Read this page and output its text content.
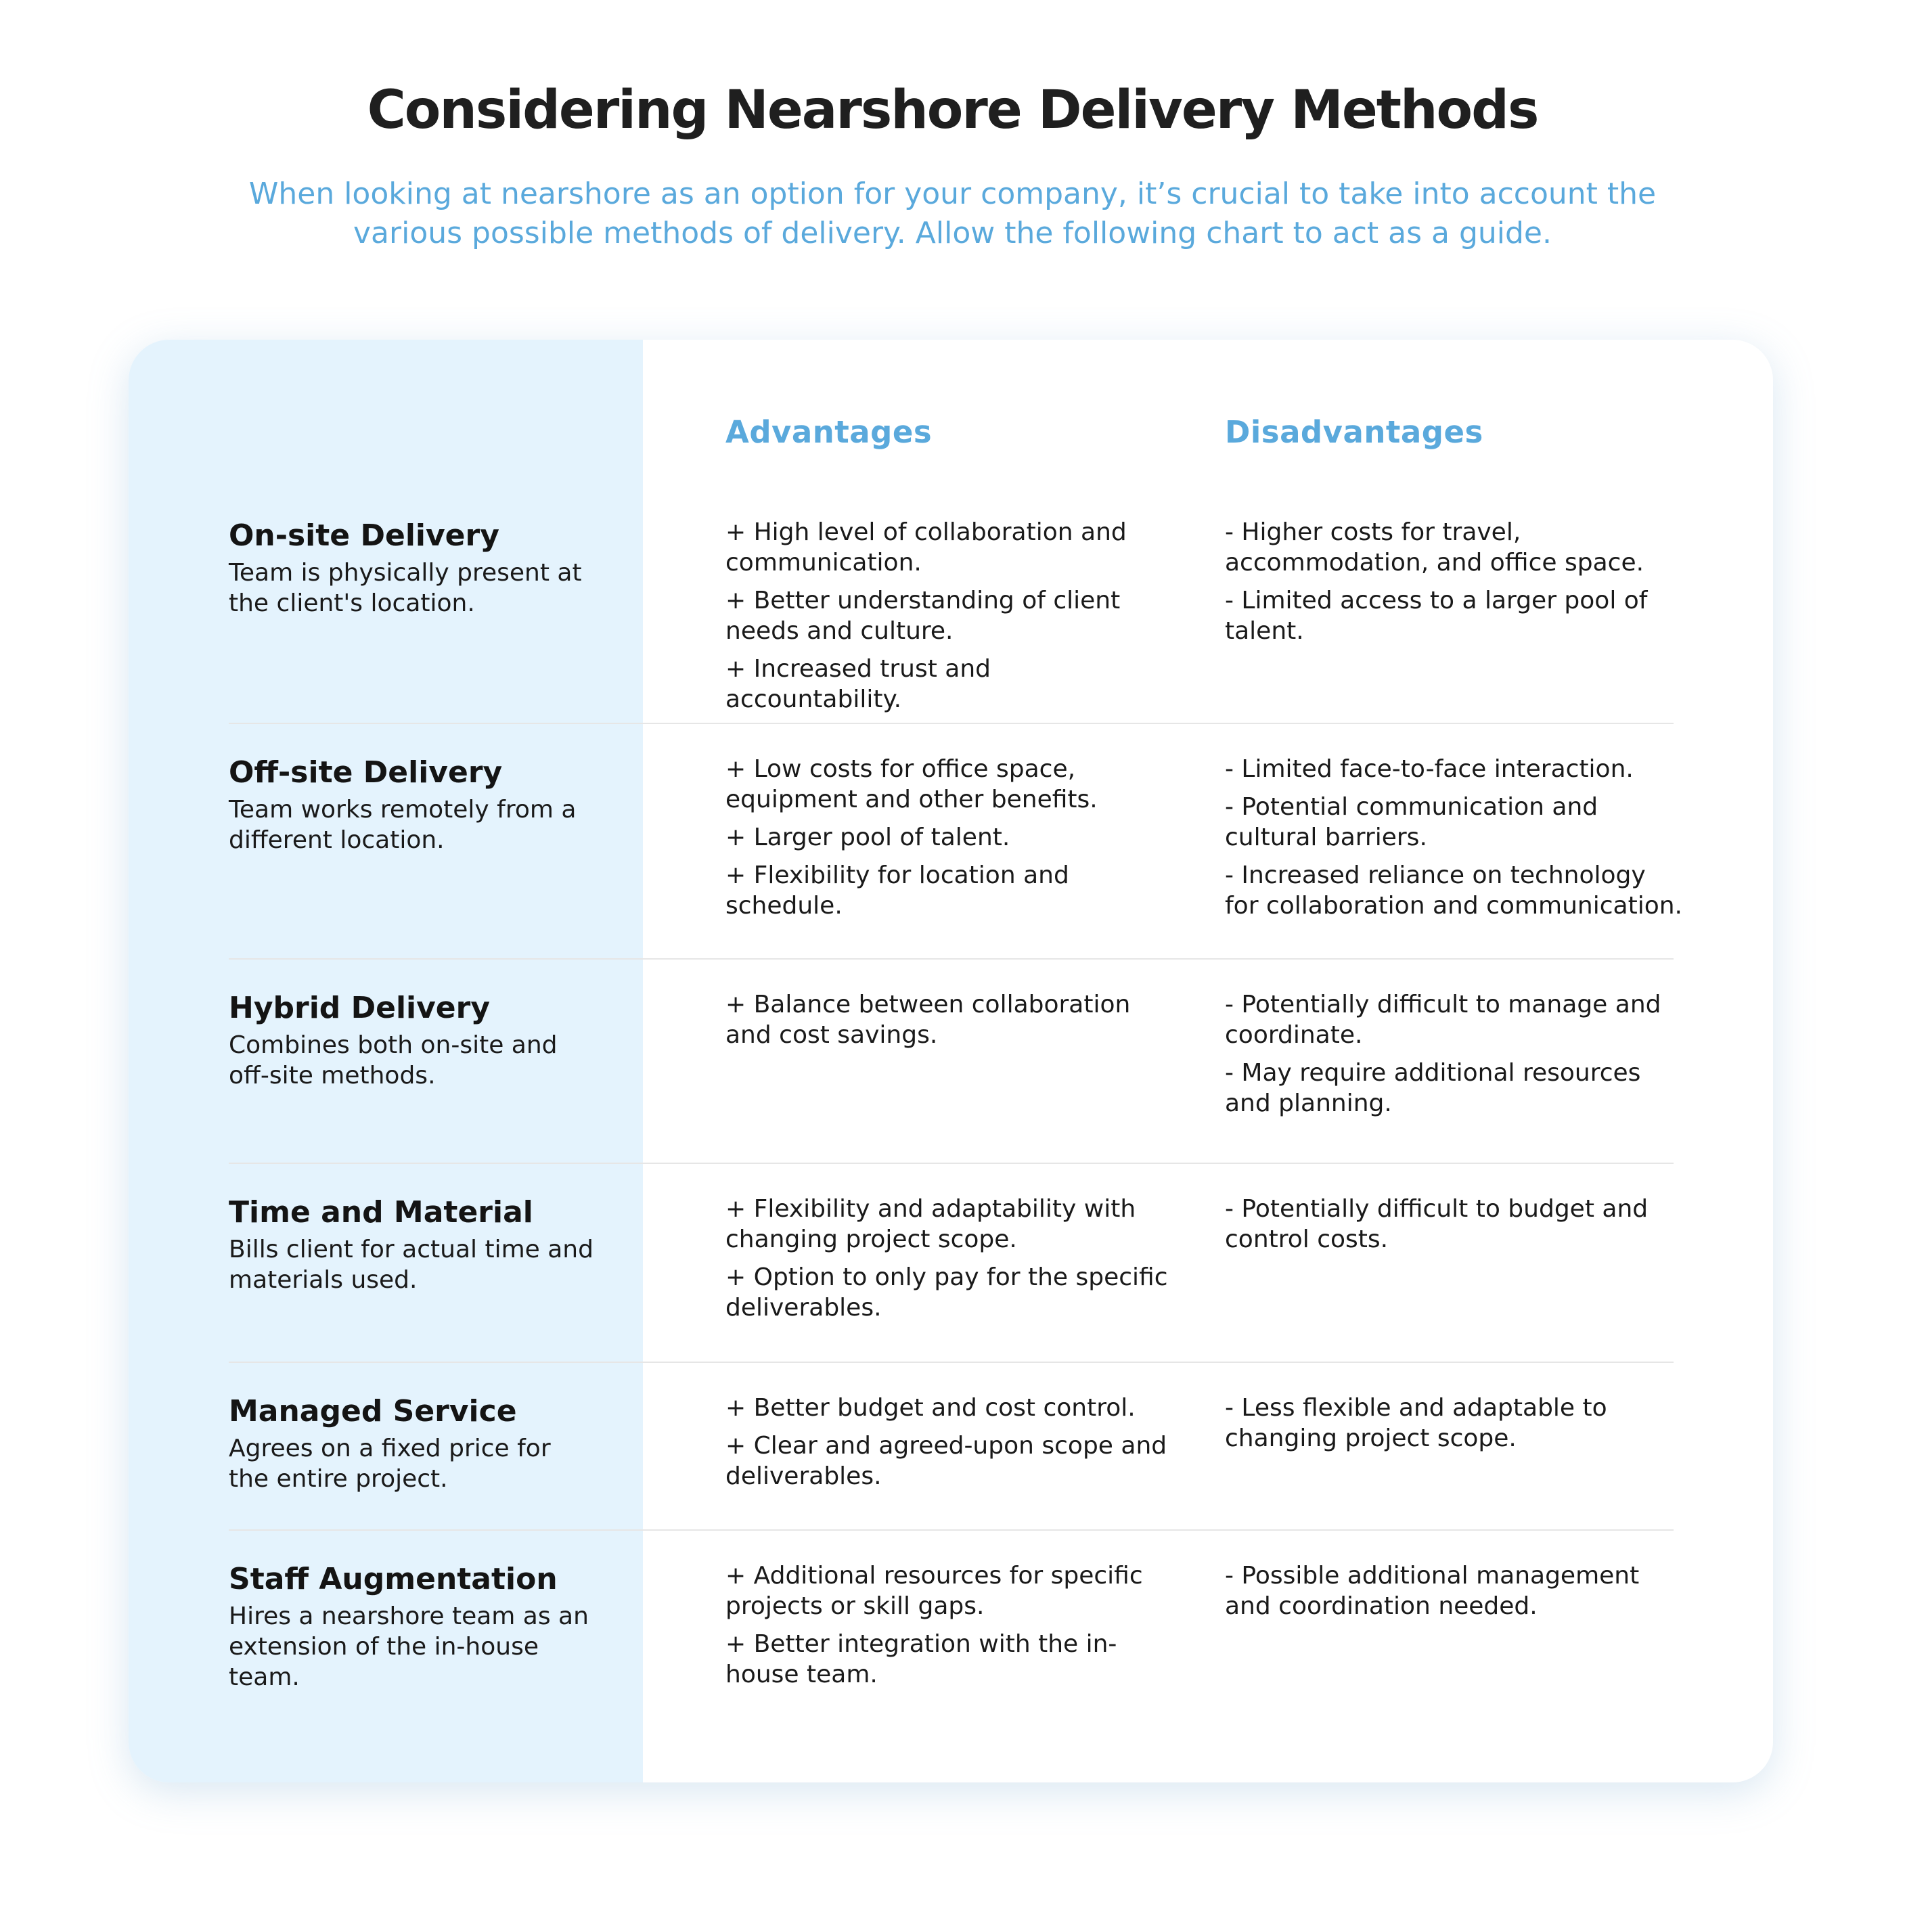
Considering Nearshore Delivery Methods

When looking at nearshore as an option for your company, it’s crucial to take into account the various possible methods of delivery. Allow the following chart to act as a guide.

Advantages	Disadvantages
On-site Delivery
Team is physically present at the client's location.
+ High level of collaboration and communication.
+ Better understanding of client needs and culture.
+ Increased trust and accountability.
- Higher costs for travel, accommodation, and office space.
- Limited access to a larger pool of talent.
Off-site Delivery
Team works remotely from a different location.
+ Low costs for office space, equipment and other benefits.
+ Larger pool of talent.
+ Flexibility for location and schedule.
- Limited face-to-face interaction.
- Potential communication and cultural barriers.
- Increased reliance on technology for collaboration and communication.
Hybrid Delivery
Combines both on-site and off-site methods.
+ Balance between collaboration and cost savings.
- Potentially difficult to manage and coordinate.
- May require additional resources and planning.
Time and Material
Bills client for actual time and materials used.
+ Flexibility and adaptability with changing project scope.
+ Option to only pay for the specific deliverables.
- Potentially difficult to budget and control costs.
Managed Service
Agrees on a fixed price for the entire project.
+ Better budget and cost control.
+ Clear and agreed-upon scope and deliverables.
- Less flexible and adaptable to changing project scope.
Staff Augmentation
Hires a nearshore team as an extension of the in-house team.
+ Additional resources for specific projects or skill gaps.
+ Better integration with the in-house team.
- Possible additional management and coordination needed.
